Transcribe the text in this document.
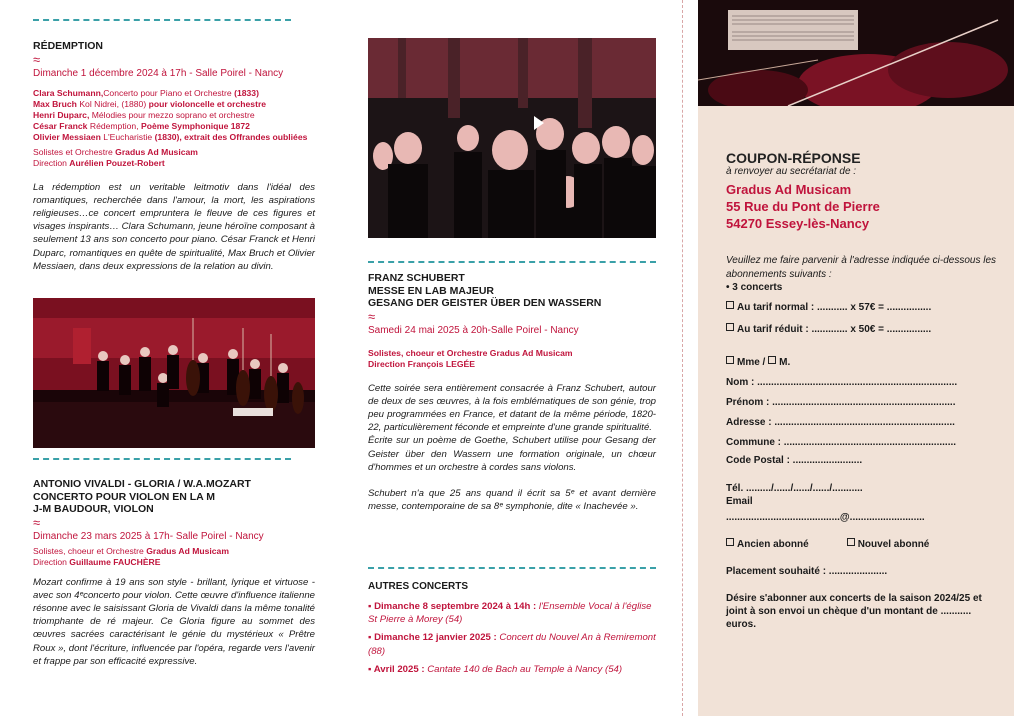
RÉDEMPTION

≈

Dimanche 1 décembre 2024 à 17h - Salle Poirel - Nancy

Clara Schumann,Concerto pour Piano et Orchestre (1833)

Max Bruch Kol Nidrei, (1880) pour violoncelle et orchestre

Henri Duparc, Mélodies pour mezzo soprano et orchestre

César Franck Rédemption, Poème Symphonique 1872

Olivier Messiaen L'Eucharistie (1830), extrait des Offrandes oubliées

Solistes et Orchestre Gradus Ad Musicam

Direction Aurélien Pouzet-Robert

La rédemption est un veritable leitmotiv dans l'idéal des romantiques, recherchée dans l'amour, la mort, les aspirations religieuses…ce concert empruntera le fleuve de ces figures et visages inspirants… Clara Schumann, jeune héroïne composant à seulement 13 ans son concerto pour piano. César Franck et Henri Duparc, romantiques en quête de spiritualité, Max Bruch et Olivier Messiaen, dans deux expressions de la relation au divin.

ANTONIO VIVALDI - GLORIA / W.A.MOZART

CONCERTO POUR VIOLON EN LA M

J-M BAUDOUR, VIOLON

≈

Dimanche 23 mars 2025 à 17h- Salle Poirel - Nancy

Solistes, choeur et Orchestre Gradus Ad Musicam

Direction Guillaume FAUCHÈRE

Mozart confirme à 19 ans son style - brillant, lyrique et virtuose - avec son 4ᵉconcerto pour violon. Cette œuvre d'influence italienne résonne avec le saisissant Gloria de Vivaldi dans la même tonalité triomphante de ré majeur. Ce Gloria figure au sommet des œuvres sacrées caractérisant le génie du mystérieux « Prêtre Roux », dont l'écriture, influencée par l'opéra, regarde vers l'avenir et frappe par son efficacité expressive.

FRANZ SCHUBERT

MESSE EN LAB MAJEUR

GESANG DER GEISTER ÜBER DEN WASSERN

≈

Samedi 24 mai 2025 à 20h-Salle Poirel - Nancy

Solistes, choeur et Orchestre Gradus Ad Musicam

Direction François LEGÉE

Cette soirée sera entièrement consacrée à Franz Schubert, autour de deux de ses œuvres, à la fois emblématiques de son génie, trop peu programmées en France, et datant de la même période, 1820-22, particulièrement féconde et empreinte d'une grande spiritualité.

Écrite sur un poème de Goethe, Schubert utilise pour Gesang der Geister über den Wassern une formation originale, un chœur d'hommes et un orchestre à cordes sans violons.

Schubert n'a que 25 ans quand il écrit sa 5ᵉ et avant dernière messe, contemporaine de sa 8ᵉ symphonie, dite « Inachevée ».

AUTRES CONCERTS

▪ Dimanche 8 septembre 2024 à 14h : l'Ensemble Vocal à l'église St Pierre à Morey (54)

▪ Dimanche 12 janvier 2025 : Concert du Nouvel An à Remiremont (88)

▪ Avril 2025 : Cantate 140 de Bach au Temple à Nancy (54)

COUPON-RÉPONSE

à renvoyer au secrétariat de :

Gradus Ad Musicam

55 Rue du Pont de Pierre

54270 Essey-lès-Nancy

Veuillez me faire parvenir à l'adresse indiquée ci-dessous les abonnements suivants :

• 3 concerts

Au tarif normal : ........... x 57€ = ................

Au tarif réduit : ............. x 50€ = ................

Mme / M.

Nom : ........................................................................

Prénom : ..................................................................

Adresse : .................................................................

Commune : ..............................................................

Code Postal : .........................

Tél. ........./....../....../....../...........

Email

.........................................@...........................

Ancien abonné	Nouvel abonné

Placement souhaité : .....................

Désire s'abonner aux concerts de la saison 2024/25 et joint à son envoi un chèque d'un montant de ........... euros.
